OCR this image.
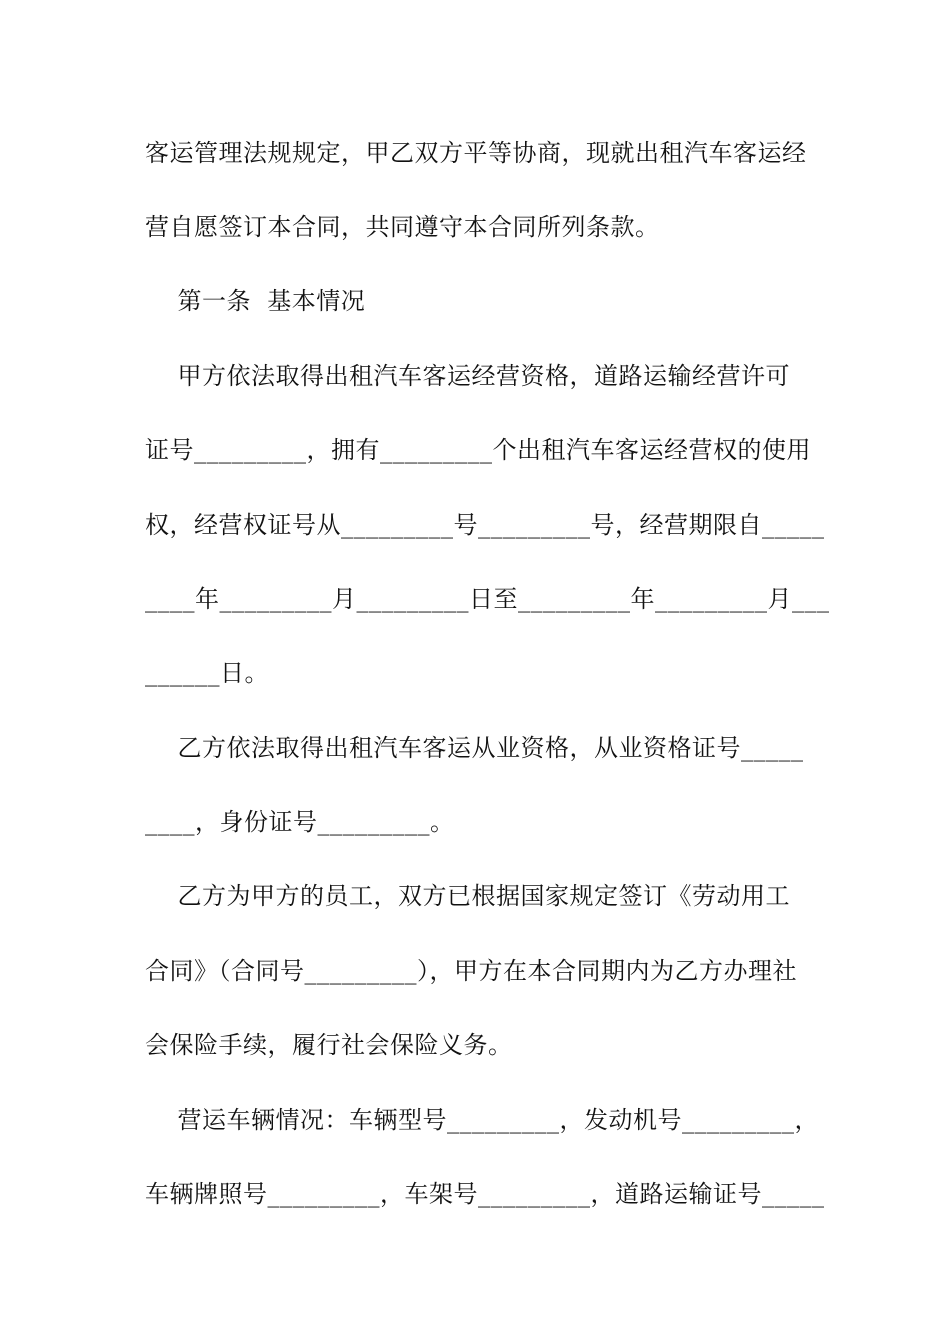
客运管理法规规定，甲乙双方平等协商，现就出租汽车客运经
营自愿签订本合同，共同遵守本合同所列条款。
第一条  基本情况
甲方依法取得出租汽车客运经营资格，道路运输经营许可
证号_________，拥有_________个出租汽车客运经营权的使用
权，经营权证号从_________号_________号，经营期限自_____
____年_________月_________日至_________年_________月___
______日。
乙方依法取得出租汽车客运从业资格，从业资格证号_____
____，身份证号_________。
乙方为甲方的员工，双方已根据国家规定签订《劳动用工
合同》（合同号_________），甲方在本合同期内为乙方办理社
会保险手续，履行社会保险义务。
营运车辆情况：车辆型号_________，发动机号_________，
车辆牌照号_________，车架号_________，道路运输证号_____
